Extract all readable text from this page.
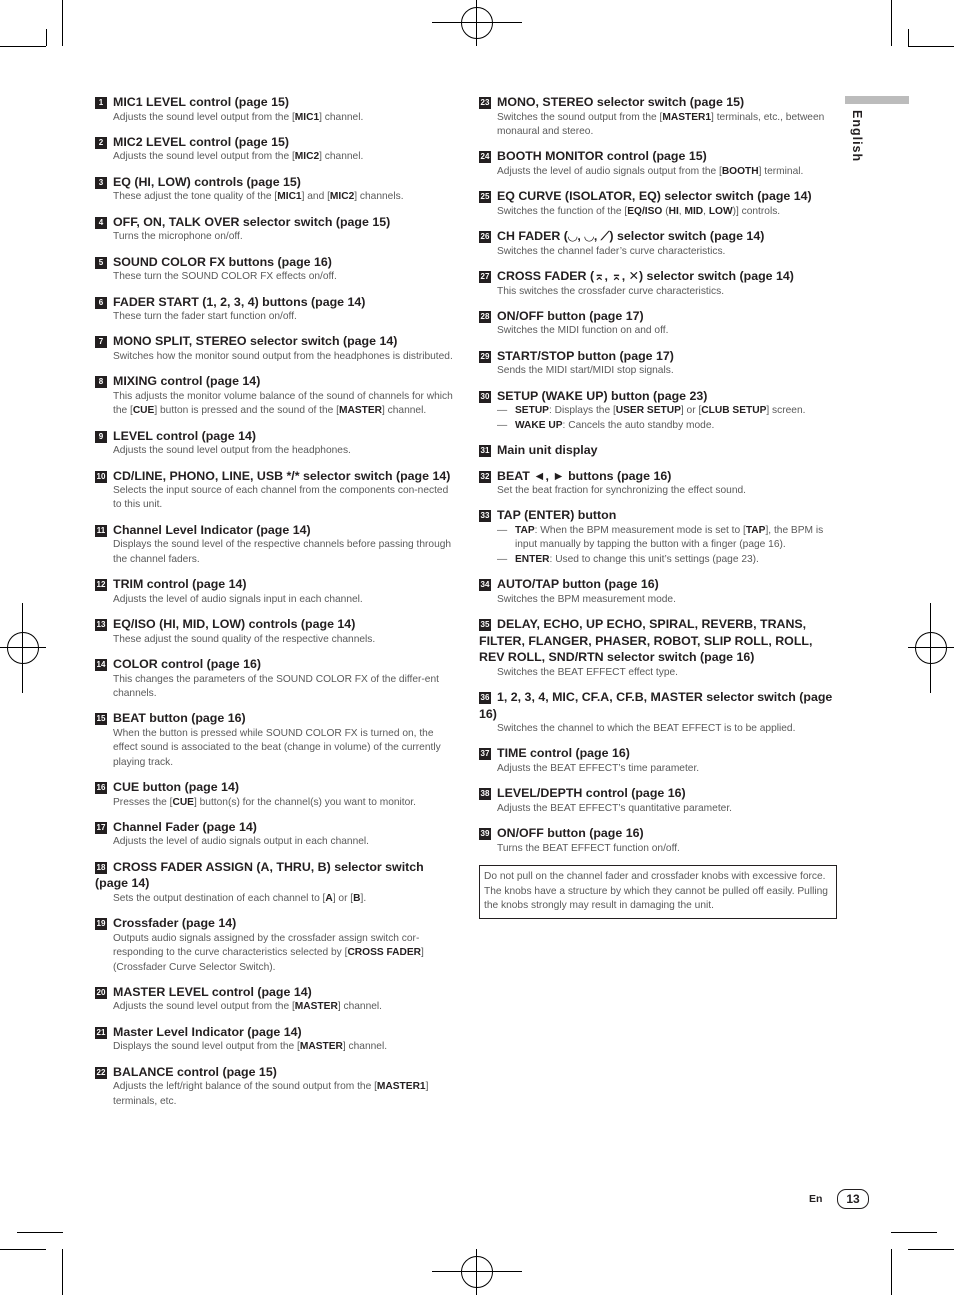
English
1 MIC1 LEVEL control (page 15)
Adjusts the sound level output from the [MIC1] channel.
2 MIC2 LEVEL control (page 15)
Adjusts the sound level output from the [MIC2] channel.
3 EQ (HI, LOW) controls (page 15)
These adjust the tone quality of the [MIC1] and [MIC2] channels.
4 OFF, ON, TALK OVER selector switch (page 15)
Turns the microphone on/off.
5 SOUND COLOR FX buttons (page 16)
These turn the SOUND COLOR FX effects on/off.
6 FADER START (1, 2, 3, 4) buttons (page 14)
These turn the fader start function on/off.
7 MONO SPLIT, STEREO selector switch (page 14)
Switches how the monitor sound output from the headphones is distributed.
8 MIXING control (page 14)
This adjusts the monitor volume balance of the sound of channels for which the [CUE] button is pressed and the sound of the [MASTER] channel.
9 LEVEL control (page 14)
Adjusts the sound level output from the headphones.
10 CD/LINE, PHONO, LINE, USB */* selector switch (page 14)
Selects the input source of each channel from the components con-nected to this unit.
11 Channel Level Indicator (page 14)
Displays the sound level of the respective channels before passing through the channel faders.
12 TRIM control (page 14)
Adjusts the level of audio signals input in each channel.
13 EQ/ISO (HI, MID, LOW) controls (page 14)
These adjust the sound quality of the respective channels.
14 COLOR control (page 16)
This changes the parameters of the SOUND COLOR FX of the differ-ent channels.
15 BEAT button (page 16)
When the button is pressed while SOUND COLOR FX is turned on, the effect sound is associated to the beat (change in volume) of the currently playing track.
16 CUE button (page 14)
Presses the [CUE] button(s) for the channel(s) you want to monitor.
17 Channel Fader (page 14)
Adjusts the level of audio signals output in each channel.
18 CROSS FADER ASSIGN (A, THRU, B) selector switch (page 14)
Sets the output destination of each channel to [A] or [B].
19 Crossfader (page 14)
Outputs audio signals assigned by the crossfader assign switch cor-responding to the curve characteristics selected by [CROSS FADER] (Crossfader Curve Selector Switch).
20 MASTER LEVEL control (page 14)
Adjusts the sound level output from the [MASTER] channel.
21 Master Level Indicator (page 14)
Displays the sound level output from the [MASTER] channel.
22 BALANCE control (page 15)
Adjusts the left/right balance of the sound output from the [MASTER1] terminals, etc.
23 MONO, STEREO selector switch (page 15)
Switches the sound output from the [MASTER1] terminals, etc., between monaural and stereo.
24 BOOTH MONITOR control (page 15)
Adjusts the level of audio signals output from the [BOOTH] terminal.
25 EQ CURVE (ISOLATOR, EQ) selector switch (page 14)
Switches the function of the [EQ/ISO (HI, MID, LOW)] controls.
26 CH FADER (◡, ◡, ⟋) selector switch (page 14)
Switches the channel fader’s curve characteristics.
27 CROSS FADER (⌅, ⌅, ✕) selector switch (page 14)
This switches the crossfader curve characteristics.
28 ON/OFF button (page 17)
Switches the MIDI function on and off.
29 START/STOP button (page 17)
Sends the MIDI start/MIDI stop signals.
30 SETUP (WAKE UP) button (page 23)
— SETUP: Displays the [USER SETUP] or [CLUB SETUP] screen.
— WAKE UP: Cancels the auto standby mode.
31 Main unit display
32 BEAT ◄, ► buttons (page 16)
Set the beat fraction for synchronizing the effect sound.
33 TAP (ENTER) button
— TAP: When the BPM measurement mode is set to [TAP], the BPM is input manually by tapping the button with a finger (page 16).
— ENTER: Used to change this unit’s settings (page 23).
34 AUTO/TAP button (page 16)
Switches the BPM measurement mode.
35 DELAY, ECHO, UP ECHO, SPIRAL, REVERB, TRANS, FILTER, FLANGER, PHASER, ROBOT, SLIP ROLL, ROLL, REV ROLL, SND/RTN selector switch (page 16)
Switches the BEAT EFFECT effect type.
36 1, 2, 3, 4, MIC, CF.A, CF.B, MASTER selector switch (page 16)
Switches the channel to which the BEAT EFFECT is to be applied.
37 TIME control (page 16)
Adjusts the BEAT EFFECT’s time parameter.
38 LEVEL/DEPTH control (page 16)
Adjusts the BEAT EFFECT’s quantitative parameter.
39 ON/OFF button (page 16)
Turns the BEAT EFFECT function on/off.
Do not pull on the channel fader and crossfader knobs with excessive force. The knobs have a structure by which they cannot be pulled off easily. Pulling the knobs strongly may result in damaging the unit.
En	13
